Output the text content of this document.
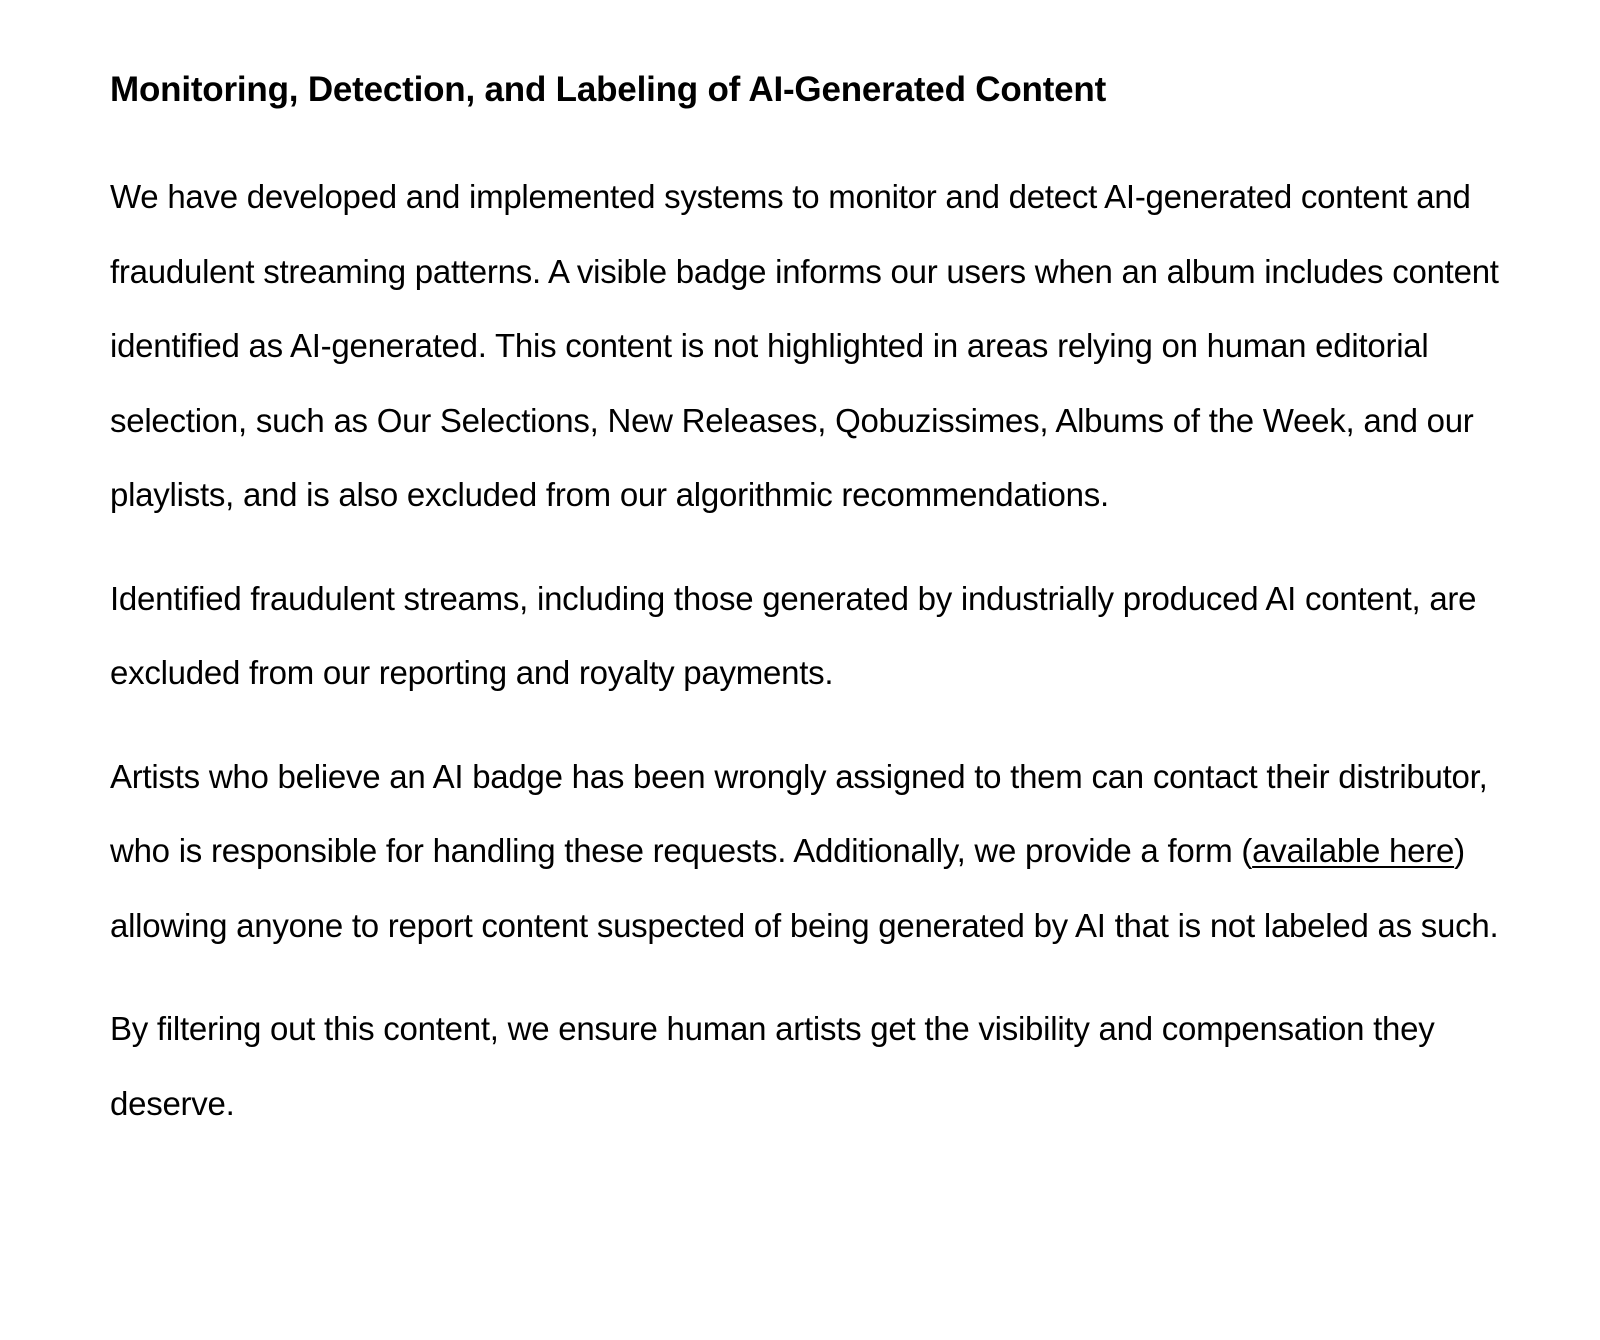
Monitoring, Detection, and Labeling of AI-Generated Content

We have developed and implemented systems to monitor and detect AI-generated content and fraudulent streaming patterns. A visible badge informs our users when an album includes content identified as AI-generated. This content is not highlighted in areas relying on human editorial selection, such as Our Selections, New Releases, Qobuzissimes, Albums of the Week, and our playlists, and is also excluded from our algorithmic recommendations.

Identified fraudulent streams, including those generated by industrially produced AI content, are excluded from our reporting and royalty payments.

Artists who believe an AI badge has been wrongly assigned to them can contact their distributor, who is responsible for handling these requests. Additionally, we provide a form (available here) allowing anyone to report content suspected of being generated by AI that is not labeled as such.

By filtering out this content, we ensure human artists get the visibility and compensation they deserve.
